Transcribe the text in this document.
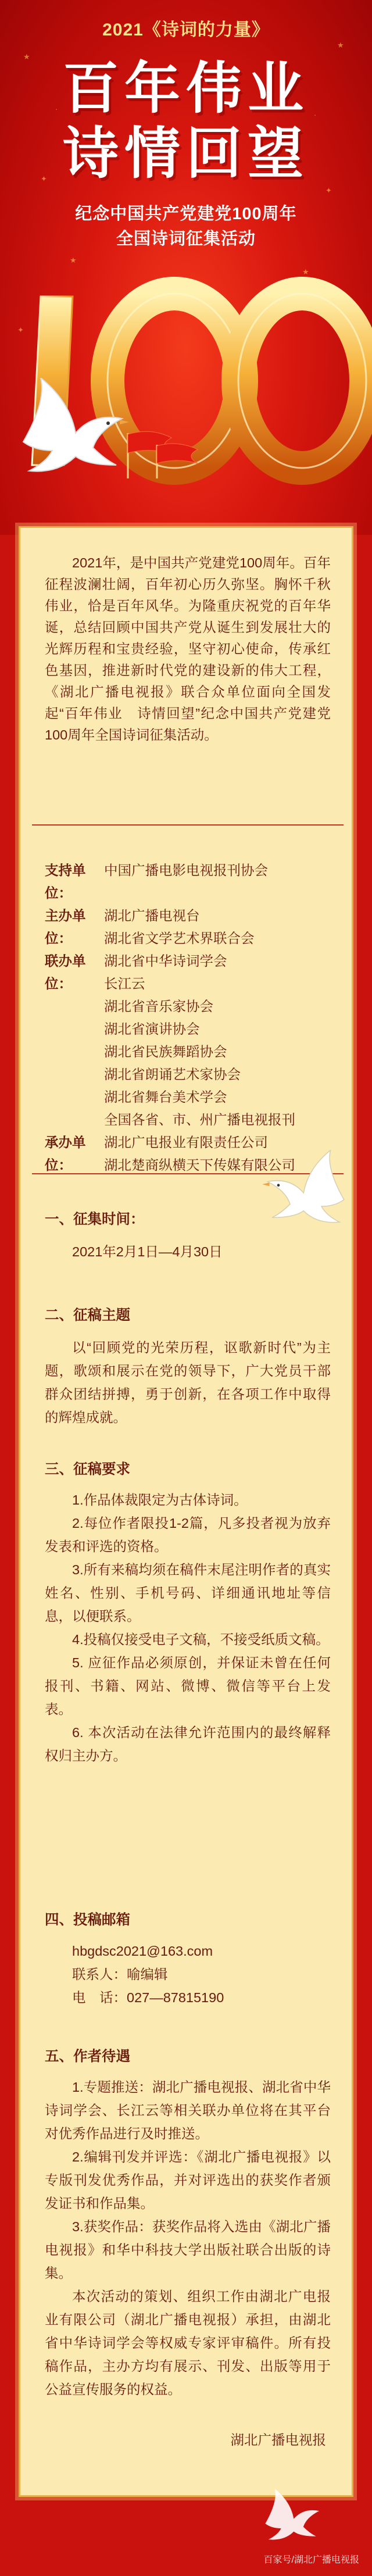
★
★
✦
✦
★
★
✦
✦
·
·
2021《诗词的力量》
百年伟业
诗情回望
纪念中国共产党建党100周年
全国诗词征集活动
100

2021年，是中国共产党建党100周年。百年征程波澜壮阔，百年初心历久弥坚。胸怀千秋伟业，恰是百年风华。为隆重庆祝党的百年华诞，总结回顾中国共产党从诞生到发展壮大的光辉历程和宝贵经验，坚守初心使命，传承红色基因，推进新时代党的建设新的伟大工程，《湖北广播电视报》联合众单位面向全国发起“百年伟业　诗情回望”纪念中国共产党建党100周年全国诗词征集活动。

支持单位：
中国广播电影电视报刊协会
主办单位：
湖北广播电视台
湖北省文学艺术界联合会
联办单位：
湖北省中华诗词学会
长江云
湖北省音乐家协会
湖北省演讲协会
湖北省民族舞蹈协会
湖北省朗诵艺术家协会
湖北省舞台美术学会
全国各省、市、州广播电视报刊
承办单位：
湖北广电报业有限责任公司
湖北楚商纵横天下传媒有限公司
一、征集时间：
2021年2月1日—4月30日
二、征稿主题
以“回顾党的光荣历程，讴歌新时代”为主题，歌颂和展示在党的领导下，广大党员干部群众团结拼搏，勇于创新，在各项工作中取得的辉煌成就。
三、征稿要求

1.作品体裁限定为古体诗词。

2.每位作者限投1-2篇，凡多投者视为放弃发表和评选的资格。

3.所有来稿均须在稿件末尾注明作者的真实姓名、性别、手机号码、详细通讯地址等信息，以便联系。

4.投稿仅接受电子文稿，不接受纸质文稿。

5. 应征作品必须原创，并保证未曾在任何报刊、书籍、网站、微博、微信等平台上发表。

6. 本次活动在法律允许范围内的最终解释权归主办方。

四、投稿邮箱

hbgdsc2021@163.com

联系人：喻编辑

电　话：027—87815190

五、作者待遇

1.专题推送：湖北广播电视报、湖北省中华诗词学会、长江云等相关联办单位将在其平台对优秀作品进行及时推送。

2.编辑刊发并评选：《湖北广播电视报》以专版刊发优秀作品，并对评选出的获奖作者颁发证书和作品集。

3.获奖作品：获奖作品将入选由《湖北广播电视报》和华中科技大学出版社联合出版的诗集。

本次活动的策划、组织工作由湖北广电报业有限公司（湖北广播电视报）承担，由湖北省中华诗词学会等权威专家评审稿件。所有投稿作品，主办方均有展示、刊发、出版等用于公益宣传服务的权益。

湖北广播电视报
百家号/湖北广播电视报
